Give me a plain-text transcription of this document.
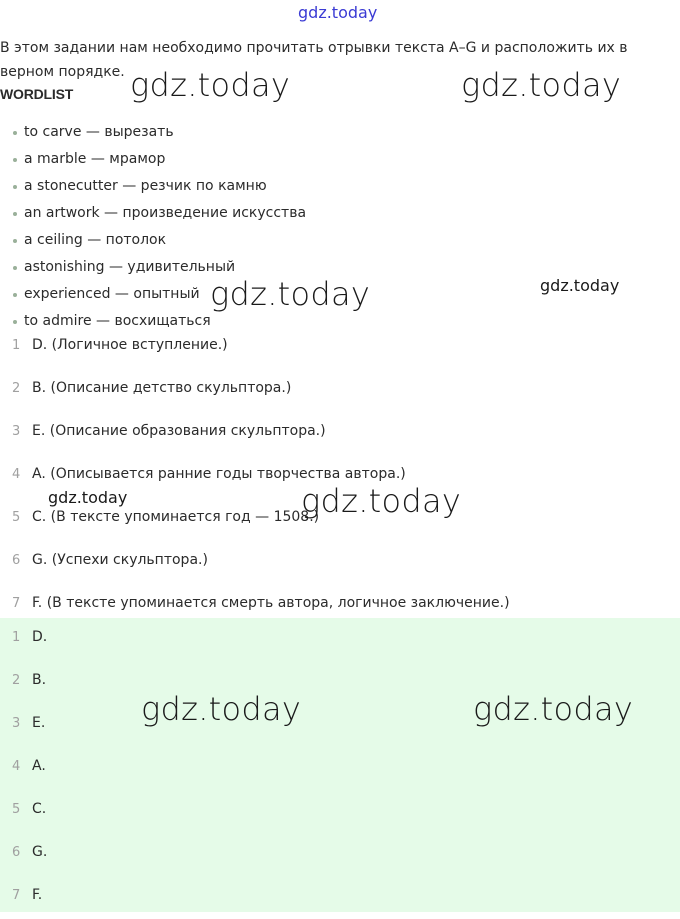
В этом задании нам необходимо прочитать отрывки текста A–G и расположить их в верном порядке.
WORDLIST
to carve — вырезать
a marble — мрамор
a stonecutter — резчик по камню
an artwork — произведение искусства
a ceiling — потолок
astonishing — удивительный
experienced — опытный
to admire — восхищаться
1 D. (Логичное вступление.)
2 B. (Описание детство скульптора.)
3 E. (Описание образования скульптора.)
4 A. (Описывается ранние годы творчества автора.)
5 C. (В тексте упоминается год — 1508.)
6 G. (Успехи скульптора.)
7 F. (В тексте упоминается смерть автора, логичное заключение.)
1 D.
2 B.
3 E.
4 A.
5 C.
6 G.
7 F.
gdz.today
gdz.today	gdz.today
gdz.today
gdz.today
gdz.today	gdz.today
gdz.today	gdz.today
